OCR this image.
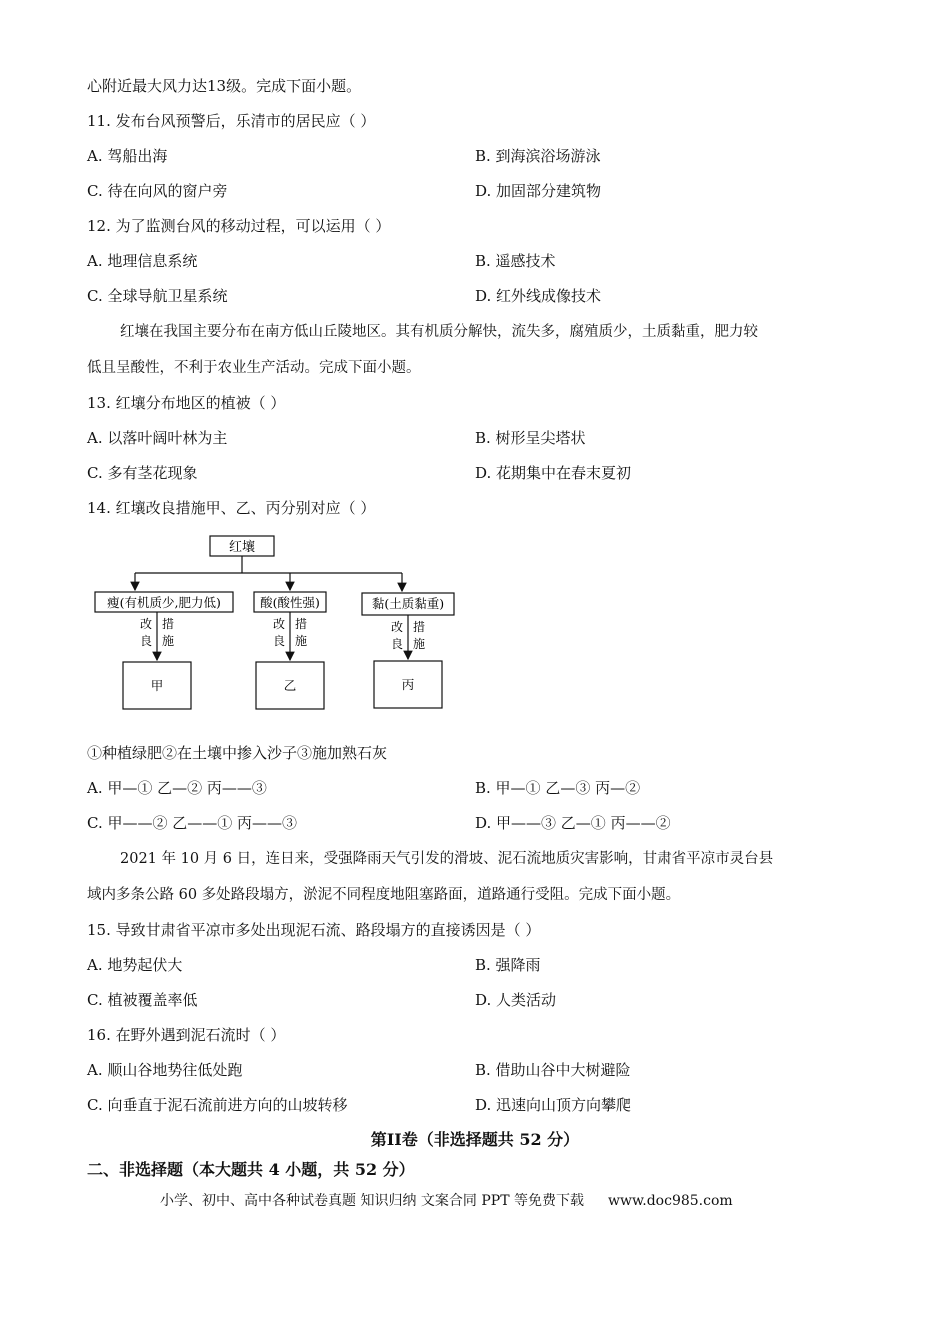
心附近最大风力达13级。完成下面小题。
11. 发布台风预警后，乐清市的居民应（ ）
A. 驾船出海	B. 到海滨浴场游泳
C. 待在向风的窗户旁	D. 加固部分建筑物
12. 为了监测台风的移动过程，可以运用（ ）
A. 地理信息系统	B. 遥感技术
C. 全球导航卫星系统	D. 红外线成像技术
红壤在我国主要分布在南方低山丘陵地区。其有机质分解快，流失多，腐殖质少，土质黏重，肥力较
低且呈酸性，不利于农业生产活动。完成下面小题。
13. 红壤分布地区的植被（ ）
A. 以落叶阔叶林为主	B. 树形呈尖塔状
C. 多有茎花现象	D. 花期集中在春末夏初
14. 红壤改良措施甲、乙、丙分别对应（ ）
红壤
瘦(有机质少,肥力低)	酸(酸性强)	黏(土质黏重)
改
良
措
施
改
良
措
施
改
良
措
施
甲	乙	丙
①种植绿肥②在土壤中掺入沙子③施加熟石灰
A. 甲—① 乙—② 丙——③	B. 甲—① 乙—③ 丙—②
C. 甲——② 乙——① 丙——③	D. 甲——③ 乙—① 丙——②
2021 年 10 月 6 日，连日来，受强降雨天气引发的滑坡、泥石流地质灾害影响，甘肃省平凉市灵台县
域内多条公路 60 多处路段塌方，淤泥不同程度地阻塞路面，道路通行受阻。完成下面小题。
15. 导致甘肃省平凉市多处出现泥石流、路段塌方的直接诱因是（ ）
A. 地势起伏大	B. 强降雨
C. 植被覆盖率低	D. 人类活动
16. 在野外遇到泥石流时（ ）
A. 顺山谷地势往低处跑	B. 借助山谷中大树避险
C. 向垂直于泥石流前进方向的山坡转移	D. 迅速向山顶方向攀爬
第II卷（非选择题共 52 分）
二、非选择题（本大题共 4 小题，共 52 分）
小学、初中、高中各种试卷真题 知识归纳 文案合同 PPT 等免费下载 www.doc985.com
